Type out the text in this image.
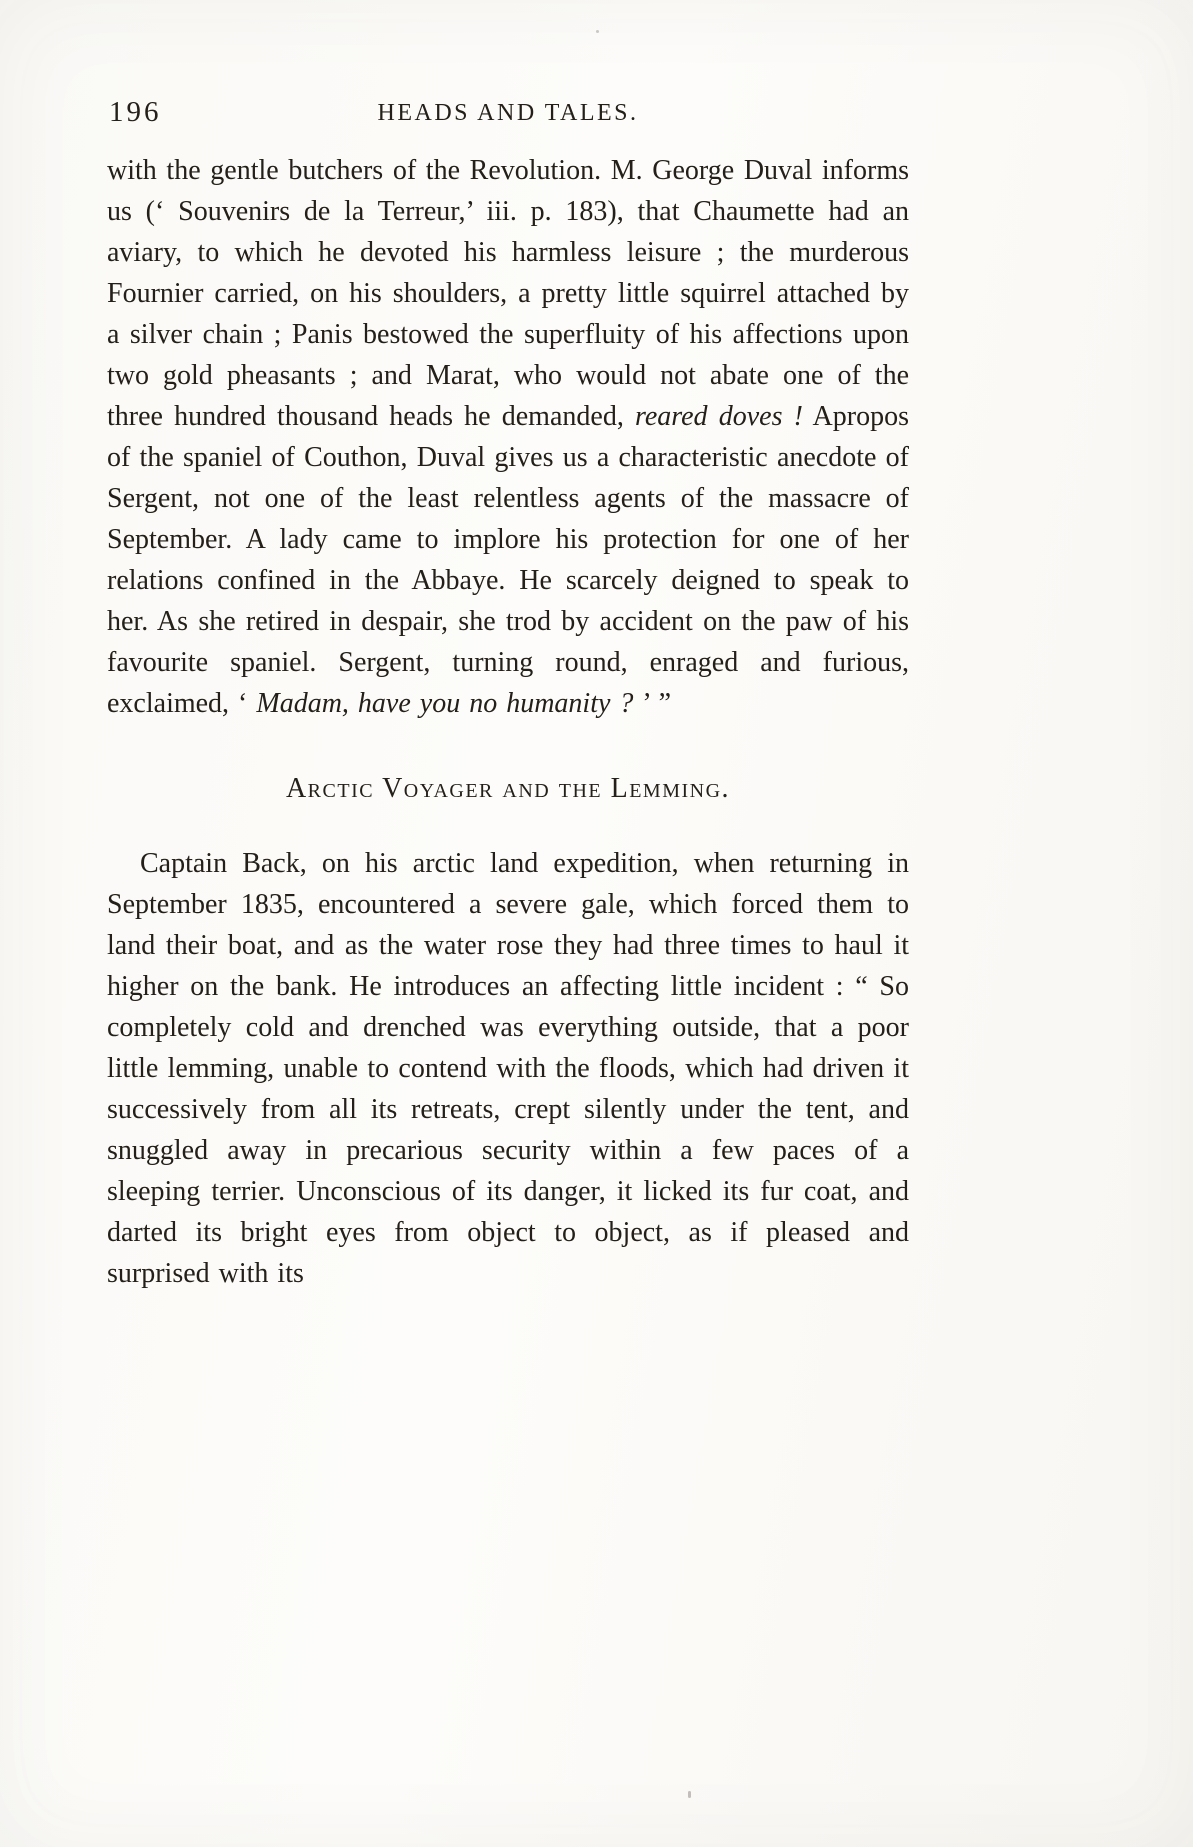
196	HEADS AND TALES.

with the gentle butchers of the Revolution. M. George Duval informs us (‘ Souvenirs de la Terreur,’ iii. p. 183), that Chaumette had an aviary, to which he devoted his harmless leisure ; the murderous Fournier carried, on his shoulders, a pretty little squirrel attached by a silver chain ; Panis bestowed the superfluity of his affections upon two gold pheasants ; and Marat, who would not abate one of the three hundred thousand heads he demanded, reared doves ! Apropos of the spaniel of Couthon, Duval gives us a characteristic anecdote of Sergent, not one of the least relentless agents of the massacre of September. A lady came to implore his protection for one of her relations confined in the Abbaye. He scarcely deigned to speak to her. As she retired in despair, she trod by accident on the paw of his favourite spaniel. Sergent, turning round, enraged and furious, exclaimed, ‘ Madam, have you no humanity ? ’ ”

Arctic Voyager and the Lemming.

Captain Back, on his arctic land expedition, when returning in September 1835, encountered a severe gale, which forced them to land their boat, and as the water rose they had three times to haul it higher on the bank. He introduces an affecting little incident : “ So completely cold and drenched was everything outside, that a poor little lemming, unable to contend with the floods, which had driven it successively from all its retreats, crept silently under the tent, and snuggled away in precarious security within a few paces of a sleeping terrier. Unconscious of its danger, it licked its fur coat, and darted its bright eyes from object to object, as if pleased and surprised with its
